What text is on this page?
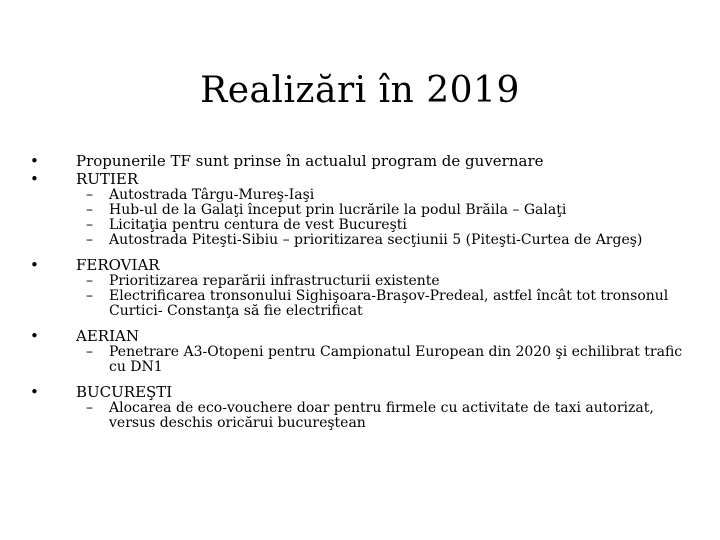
Realizări în 2019
• Propunerile TF sunt prinse în actualul program de guvernare
• RUTIER
– Autostrada Târgu-Mureş-Iaşi
– Hub-ul de la Galaţi început prin lucrările la podul Brăila – Galaţi
– Licitaţia pentru centura de vest Bucureşti
– Autostrada Piteşti-Sibiu – prioritizarea secţiunii 5 (Piteşti-Curtea de Argeş)
• FEROVIAR
– Prioritizarea reparării infrastructurii existente
– Electrificarea tronsonului Sighişoara-Braşov-Predeal, astfel încât tot tronsonul Curtici- Constanţa să fie electrificat
• AERIAN
– Penetrare A3-Otopeni pentru Campionatul European din 2020 şi echilibrat trafic cu DN1
• BUCUREŞTI
– Alocarea de eco-vouchere doar pentru firmele cu activitate de taxi autorizat, versus deschis oricărui bucureştean
